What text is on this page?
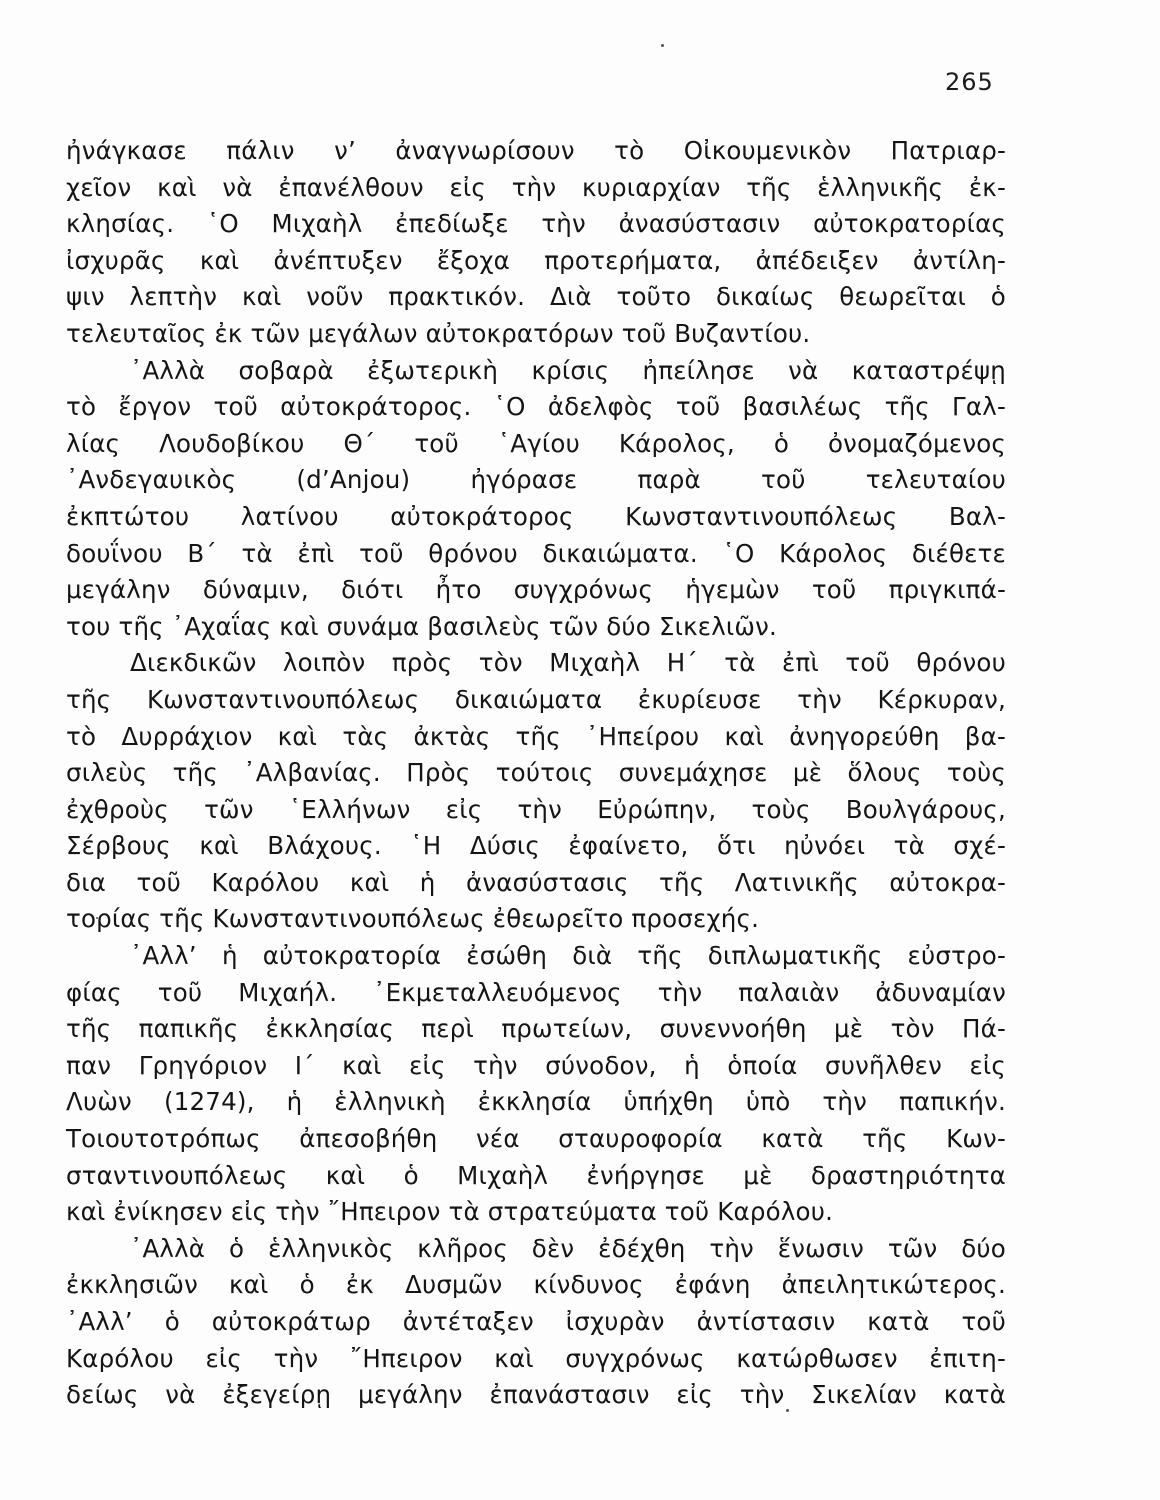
265
ἠνάγκασε πάλιν ν’ ἀναγνωρίσουν τὸ Οἰκουμενικὸν Πατριαρ-
χεῖον καὶ νὰ ἐπανέλθουν εἰς τὴν κυριαρχίαν τῆς ἑλληνικῆς ἐκ-
κλησίας. ῾Ο Μιχαὴλ ἐπεδίωξε τὴν ἀνασύστασιν αὐτοκρατορίας
ἰσχυρᾶς καὶ ἀνέπτυξεν ἔξοχα προτερήματα, ἀπέδειξεν ἀντίλη-
ψιν λεπτὴν καὶ νοῦν πρακτικόν. Διὰ τοῦτο δικαίως θεωρεῖται ὁ
τελευταῖος ἐκ τῶν μεγάλων αὐτοκρατόρων τοῦ Βυζαντίου.
᾿Αλλὰ σοβαρὰ ἐξωτερικὴ κρίσις ἠπείλησε νὰ καταστρέψῃ
τὸ ἔργον τοῦ αὐτοκράτορος. ῾Ο ἀδελφὸς τοῦ βασιλέως τῆς Γαλ-
λίας Λουδοβίκου Θ΄ τοῦ ῾Αγίου Κάρολος, ὁ ὀνομαζόμενος
᾿Ανδεγαυικὸς (d’Anjou) ἠγόρασε παρὰ τοῦ τελευταίου
ἐκπτώτου λατίνου αὐτοκράτορος Κωνσταντινουπόλεως Βαλ-
δουΐνου Β΄ τὰ ἐπὶ τοῦ θρόνου δικαιώματα. ῾Ο Κάρολος διέθετε
μεγάλην δύναμιν, διότι ἦτο συγχρόνως ἡγεμὼν τοῦ πριγκιπά-
του τῆς ᾿Αχαΐας καὶ συνάμα βασιλεὺς τῶν δύο Σικελιῶν.
Διεκδικῶν λοιπὸν πρὸς τὸν Μιχαὴλ Η΄ τὰ ἐπὶ τοῦ θρόνου
τῆς Κωνσταντινουπόλεως δικαιώματα ἐκυρίευσε τὴν Κέρκυραν,
τὸ Δυρράχιον καὶ τὰς ἀκτὰς τῆς ᾿Ηπείρου καὶ ἀνηγορεύθη βα-
σιλεὺς τῆς ᾿Αλβανίας. Πρὸς τούτοις συνεμάχησε μὲ ὅλους τοὺς
ἐχθροὺς τῶν ῾Ελλήνων εἰς τὴν Εὐρώπην, τοὺς Βουλγάρους,
Σέρβους καὶ Βλάχους. ῾Η Δύσις ἐφαίνετο, ὅτι ηὐνόει τὰ σχέ-
δια τοῦ Καρόλου καὶ ἡ ἀνασύστασις τῆς Λατινικῆς αὐτοκρα-
τορίας τῆς Κωνσταντινουπόλεως ἐθεωρεῖτο προσεχής.
᾿Αλλ’ ἡ αὐτοκρατορία ἐσώθη διὰ τῆς διπλωματικῆς εὐστρο-
φίας τοῦ Μιχαήλ. ᾿Εκμεταλλευόμενος τὴν παλαιὰν ἀδυναμίαν
τῆς παπικῆς ἐκκλησίας περὶ πρωτείων, συνεννοήθη μὲ τὸν Πά-
παν Γρηγόριον Ι΄ καὶ εἰς τὴν σύνοδον, ἡ ὁποία συνῆλθεν εἰς
Λυὼν (1274), ἡ ἑλληνικὴ ἐκκλησία ὑπήχθη ὑπὸ τὴν παπικήν.
Τοιουτοτρόπως ἀπεσοβήθη νέα σταυροφορία κατὰ τῆς Κων-
σταντινουπόλεως καὶ ὁ Μιχαὴλ ἐνήργησε μὲ δραστηριότητα
καὶ ἐνίκησεν εἰς τὴν ῎Ηπειρον τὰ στρατεύματα τοῦ Καρόλου.
᾿Αλλὰ ὁ ἑλληνικὸς κλῆρος δὲν ἐδέχθη τὴν ἕνωσιν τῶν δύο
ἐκκλησιῶν καὶ ὁ ἐκ Δυσμῶν κίνδυνος ἐφάνη ἀπειλητικώτερος.
᾿Αλλ’ ὁ αὐτοκράτωρ ἀντέταξεν ἰσχυρὰν ἀντίστασιν κατὰ τοῦ
Καρόλου εἰς τὴν ῎Ηπειρον καὶ συγχρόνως κατώρθωσεν ἐπιτη-
δείως νὰ ἐξεγείρῃ μεγάλην ἐπανάστασιν εἰς τὴν Σικελίαν κατὰ
